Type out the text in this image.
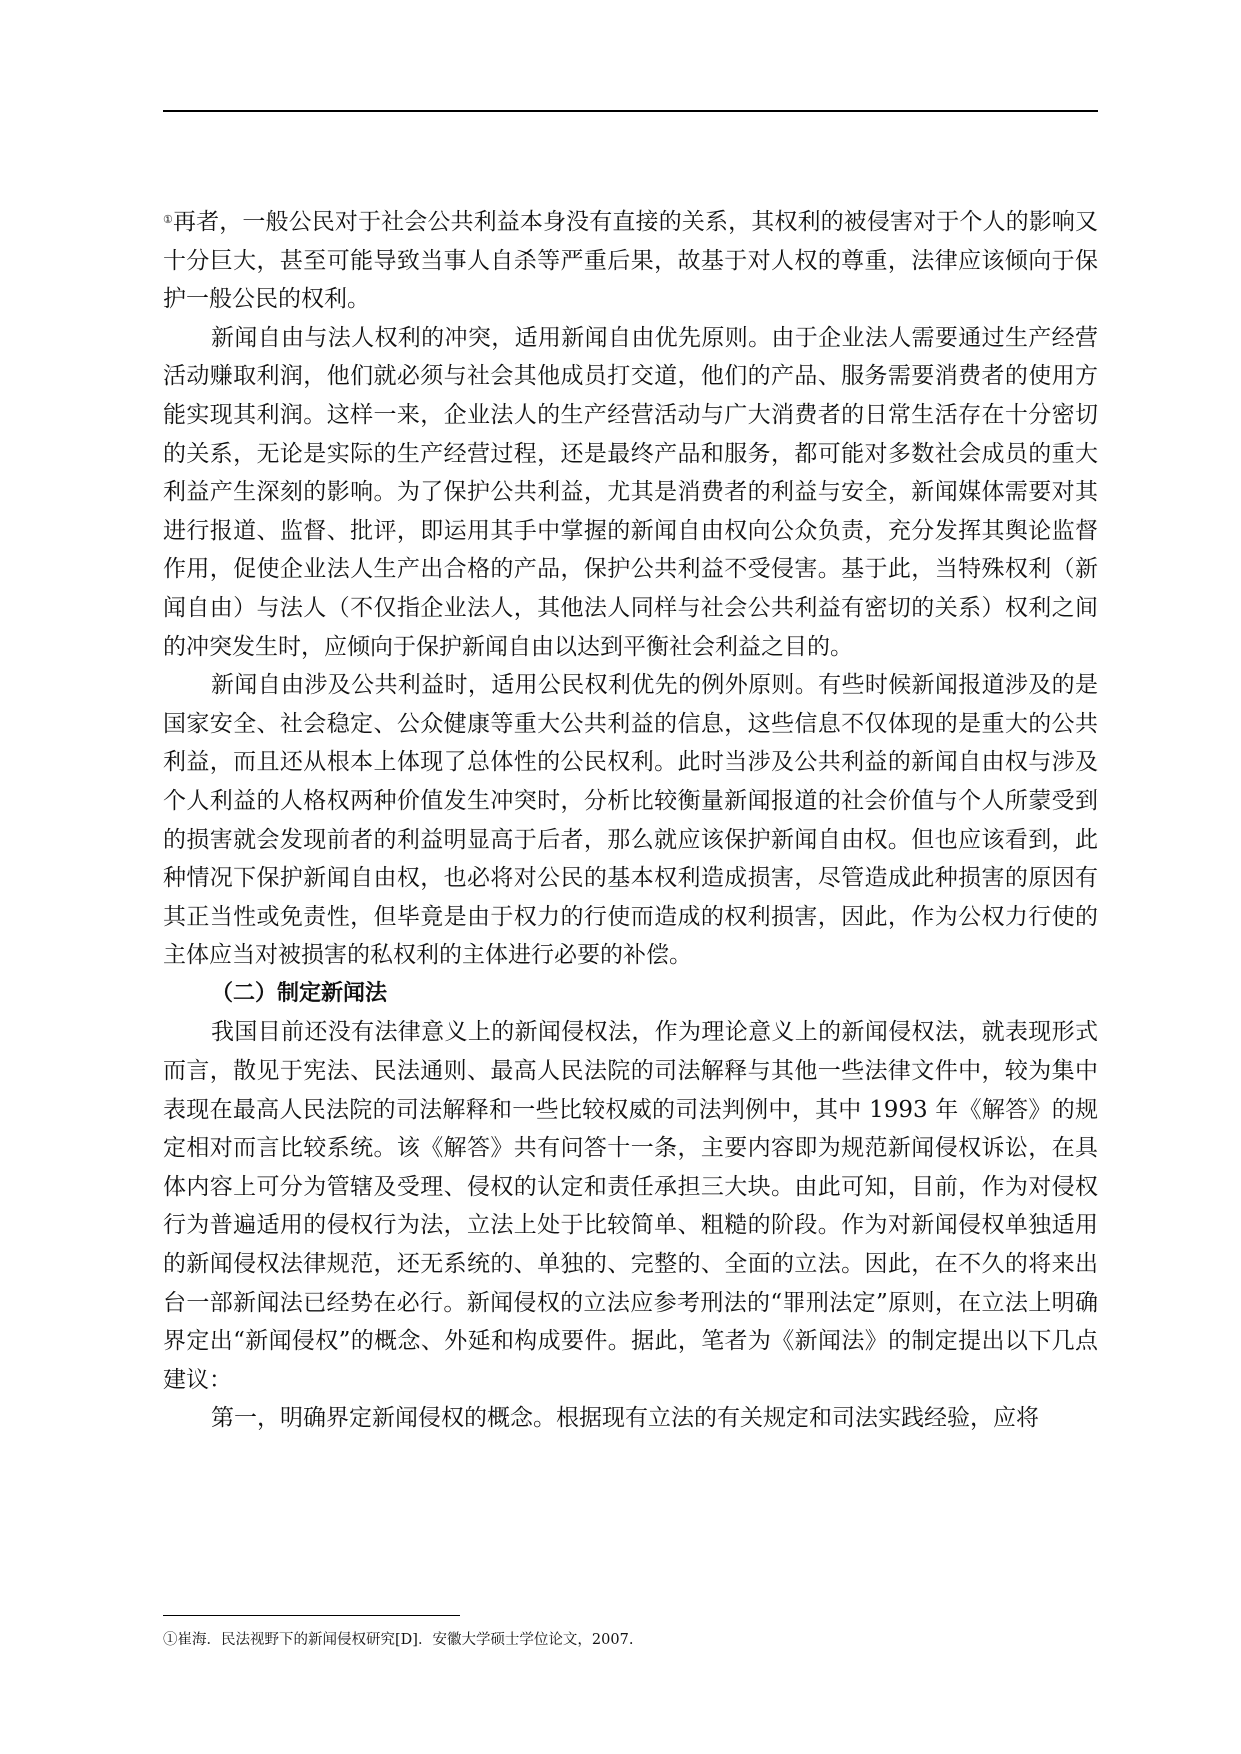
①再者，一般公民对于社会公共利益本身没有直接的关系，其权利的被侵害对于个人的影响又十分巨大，甚至可能导致当事人自杀等严重后果，故基于对人权的尊重，法律应该倾向于保护一般公民的权利。

新闻自由与法人权利的冲突，适用新闻自由优先原则。由于企业法人需要通过生产经营活动赚取利润，他们就必须与社会其他成员打交道，他们的产品、服务需要消费者的使用方能实现其利润。这样一来，企业法人的生产经营活动与广大消费者的日常生活存在十分密切的关系，无论是实际的生产经营过程，还是最终产品和服务，都可能对多数社会成员的重大利益产生深刻的影响。为了保护公共利益，尤其是消费者的利益与安全，新闻媒体需要对其进行报道、监督、批评，即运用其手中掌握的新闻自由权向公众负责，充分发挥其舆论监督作用，促使企业法人生产出合格的产品，保护公共利益不受侵害。基于此，当特殊权利（新闻自由）与法人（不仅指企业法人，其他法人同样与社会公共利益有密切的关系）权利之间的冲突发生时，应倾向于保护新闻自由以达到平衡社会利益之目的。

新闻自由涉及公共利益时，适用公民权利优先的例外原则。有些时候新闻报道涉及的是国家安全、社会稳定、公众健康等重大公共利益的信息，这些信息不仅体现的是重大的公共利益，而且还从根本上体现了总体性的公民权利。此时当涉及公共利益的新闻自由权与涉及个人利益的人格权两种价值发生冲突时，分析比较衡量新闻报道的社会价值与个人所蒙受到的损害就会发现前者的利益明显高于后者，那么就应该保护新闻自由权。但也应该看到，此种情况下保护新闻自由权，也必将对公民的基本权利造成损害，尽管造成此种损害的原因有其正当性或免责性，但毕竟是由于权力的行使而造成的权利损害，因此，作为公权力行使的主体应当对被损害的私权利的主体进行必要的补偿。

（二）制定新闻法

我国目前还没有法律意义上的新闻侵权法，作为理论意义上的新闻侵权法，就表现形式而言，散见于宪法、民法通则、最高人民法院的司法解释与其他一些法律文件中，较为集中表现在最高人民法院的司法解释和一些比较权威的司法判例中，其中 1993 年《解答》的规定相对而言比较系统。该《解答》共有问答十一条，主要内容即为规范新闻侵权诉讼，在具体内容上可分为管辖及受理、侵权的认定和责任承担三大块。由此可知，目前，作为对侵权行为普遍适用的侵权行为法，立法上处于比较简单、粗糙的阶段。作为对新闻侵权单独适用的新闻侵权法律规范，还无系统的、单独的、完整的、全面的立法。因此，在不久的将来出台一部新闻法已经势在必行。新闻侵权的立法应参考刑法的“罪刑法定”原则，在立法上明确界定出“新闻侵权”的概念、外延和构成要件。据此，笔者为《新闻法》的制定提出以下几点建议：

第一，明确界定新闻侵权的概念。根据现有立法的有关规定和司法实践经验，应将

①崔海．民法视野下的新闻侵权研究[D]．安徽大学硕士学位论文，2007.
